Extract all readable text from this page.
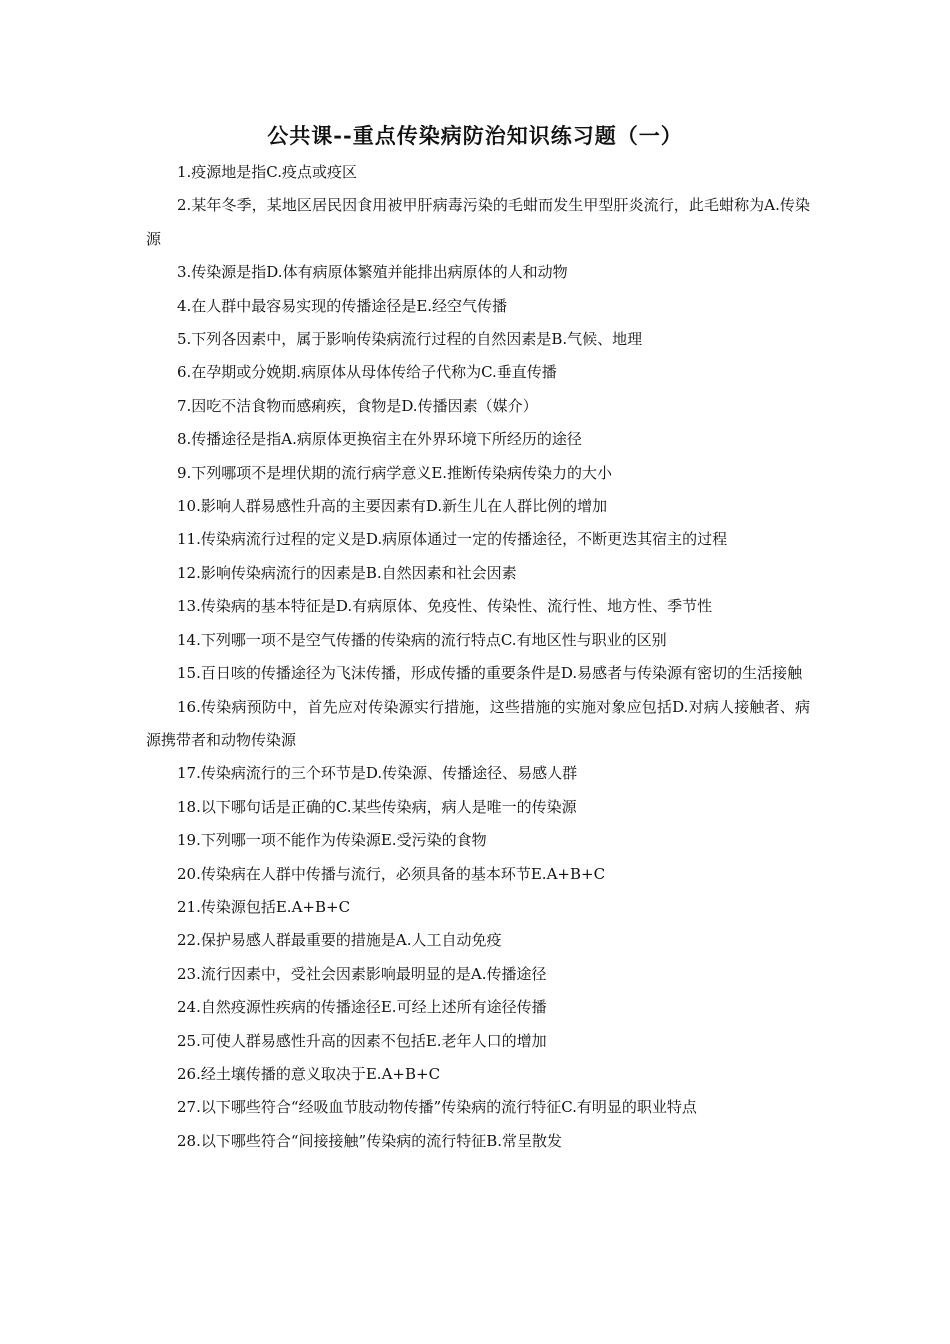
公共课--重点传染病防治知识练习题（一）
1.疫源地是指C.疫点或疫区
2.某年冬季，某地区居民因食用被甲肝病毒污染的毛蚶而发生甲型肝炎流行，此毛蚶称为A.传染源
3.传染源是指D.体有病原体繁殖并能排出病原体的人和动物
4.在人群中最容易实现的传播途径是E.经空气传播
5.下列各因素中，属于影响传染病流行过程的自然因素是B.气候、地理
6.在孕期或分娩期.病原体从母体传给子代称为C.垂直传播
7.因吃不洁食物而感痢疾，食物是D.传播因素（媒介）
8.传播途径是指A.病原体更换宿主在外界环境下所经历的途径
9.下列哪项不是埋伏期的流行病学意义E.推断传染病传染力的大小
10.影响人群易感性升高的主要因素有D.新生儿在人群比例的增加
11.传染病流行过程的定义是D.病原体通过一定的传播途径，不断更迭其宿主的过程
12.影响传染病流行的因素是B.自然因素和社会因素
13.传染病的基本特征是D.有病原体、免疫性、传染性、流行性、地方性、季节性
14.下列哪一项不是空气传播的传染病的流行特点C.有地区性与职业的区别
15.百日咳的传播途径为飞沫传播，形成传播的重要条件是D.易感者与传染源有密切的生活接触
16.传染病预防中，首先应对传染源实行措施，这些措施的实施对象应包括D.对病人接触者、病源携带者和动物传染源
17.传染病流行的三个环节是D.传染源、传播途径、易感人群
18.以下哪句话是正确的C.某些传染病，病人是唯一的传染源
19.下列哪一项不能作为传染源E.受污染的食物
20.传染病在人群中传播与流行，必须具备的基本环节E.A+B+C
21.传染源包括E.A+B+C
22.保护易感人群最重要的措施是A.人工自动免疫
23.流行因素中，受社会因素影响最明显的是A.传播途径
24.自然疫源性疾病的传播途径E.可经上述所有途径传播
25.可使人群易感性升高的因素不包括E.老年人口的增加
26.经土壤传播的意义取决于E.A+B+C
27.以下哪些符合“经吸血节肢动物传播”传染病的流行特征C.有明显的职业特点
28.以下哪些符合“间接接触”传染病的流行特征B.常呈散发
